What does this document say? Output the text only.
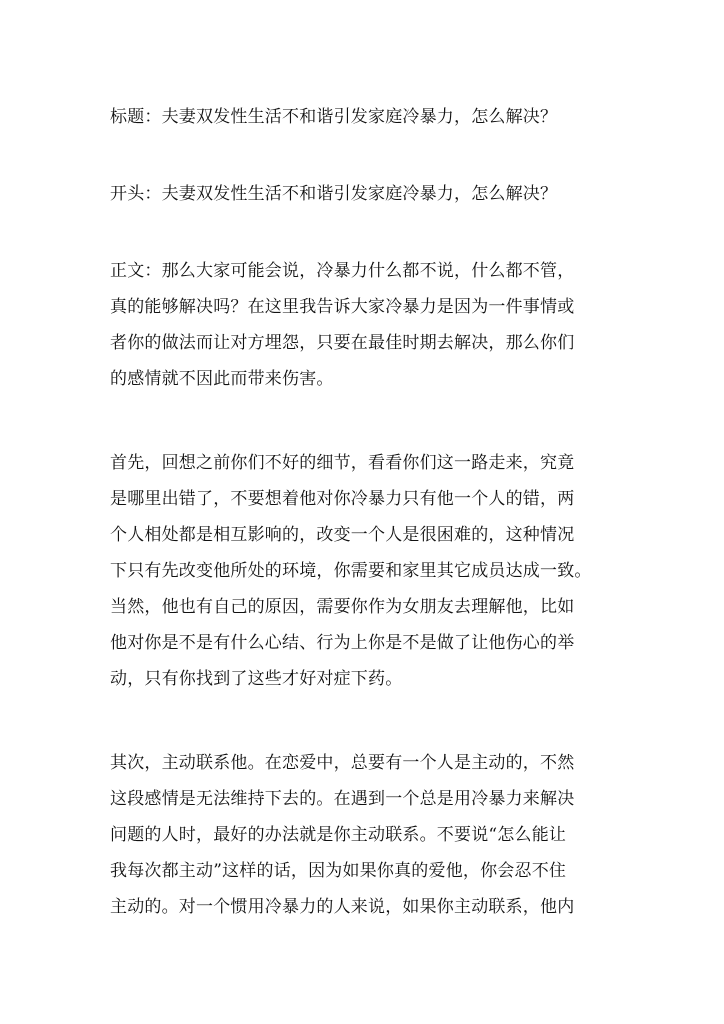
标题：夫妻双发性生活不和谐引发家庭冷暴力，怎么解决？
开头：夫妻双发性生活不和谐引发家庭冷暴力，怎么解决？
正文：那么大家可能会说，冷暴力什么都不说，什么都不管，
真的能够解决吗？在这里我告诉大家冷暴力是因为一件事情或
者你的做法而让对方埋怨，只要在最佳时期去解决，那么你们
的感情就不因此而带来伤害。
首先，回想之前你们不好的细节，看看你们这一路走来，究竟
是哪里出错了，不要想着他对你冷暴力只有他一个人的错，两
个人相处都是相互影响的，改变一个人是很困难的，这种情况
下只有先改变他所处的环境，你需要和家里其它成员达成一致。
当然，他也有自己的原因，需要你作为女朋友去理解他，比如
他对你是不是有什么心结、行为上你是不是做了让他伤心的举
动，只有你找到了这些才好对症下药。
其次，主动联系他。在恋爱中，总要有一个人是主动的，不然
这段感情是无法维持下去的。在遇到一个总是用冷暴力来解决
问题的人时，最好的办法就是你主动联系。不要说“怎么能让
我每次都主动”这样的话，因为如果你真的爱他，你会忍不住
主动的。对一个惯用冷暴力的人来说，如果你主动联系，他内
